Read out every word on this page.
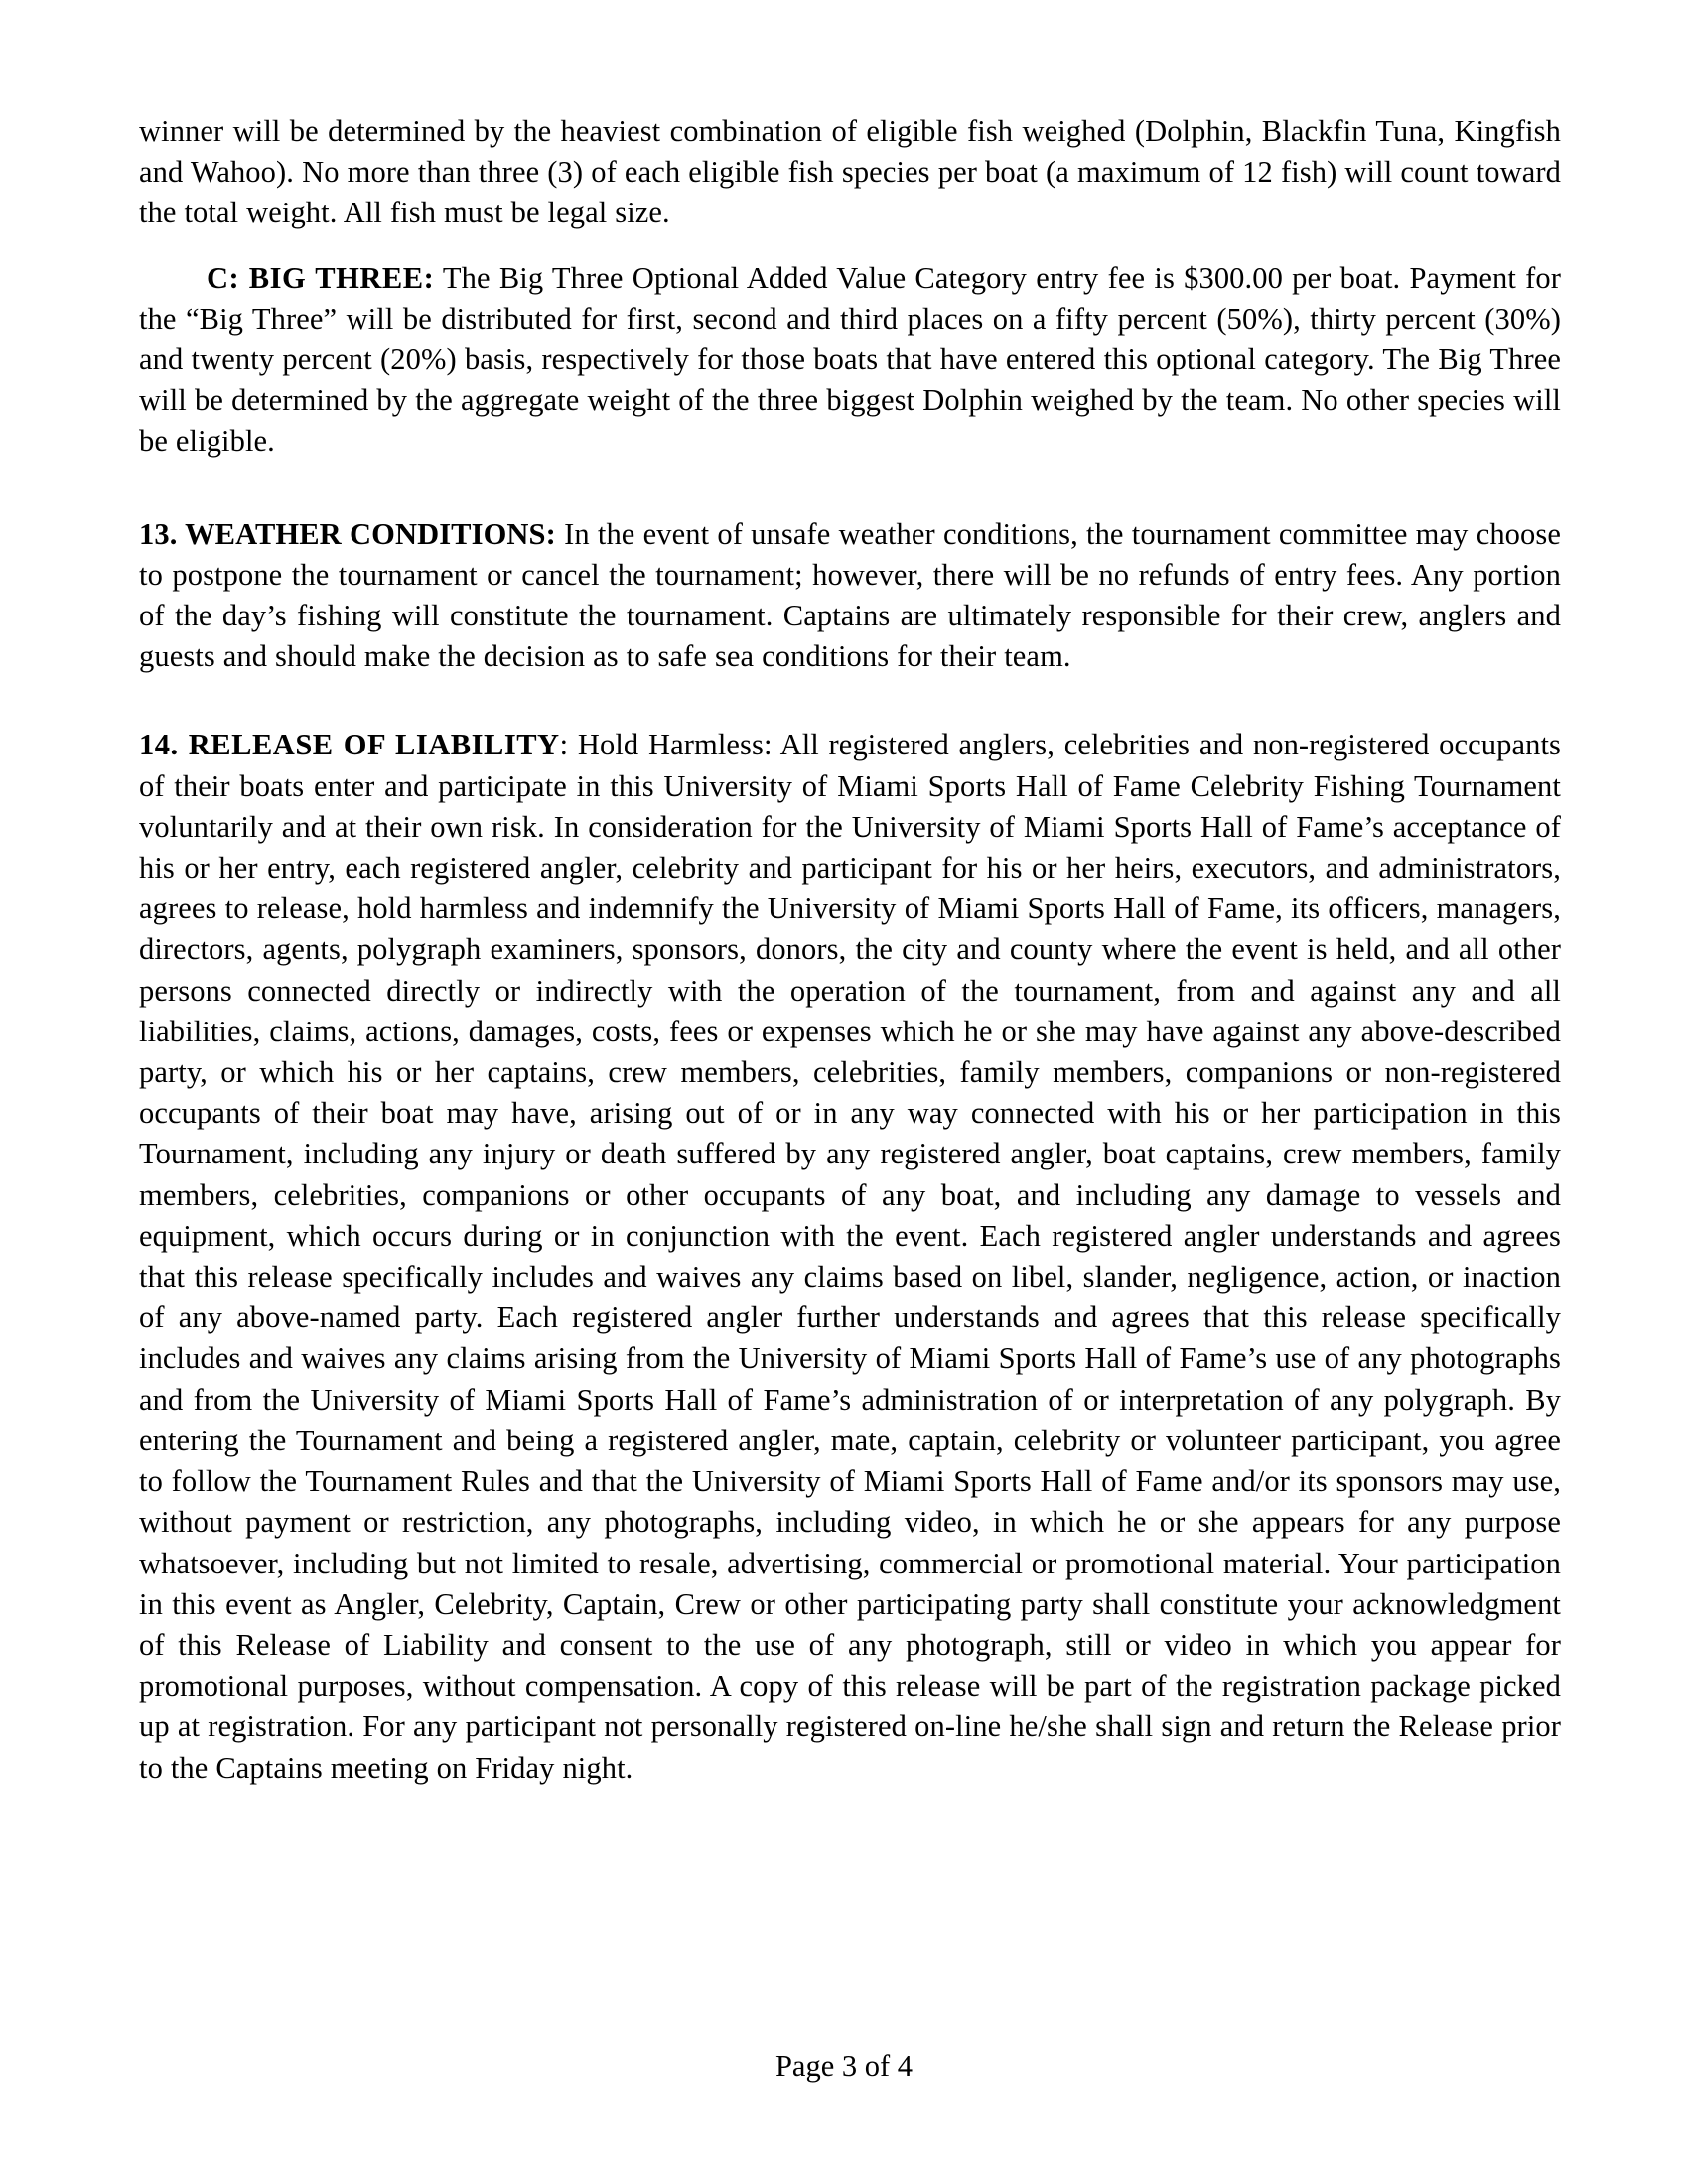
winner will be determined by the heaviest combination of eligible fish weighed (Dolphin, Blackfin Tuna, Kingfish and Wahoo). No more than three (3) of each eligible fish species per boat (a maximum of 12 fish) will count toward the total weight. All fish must be legal size.

C: BIG THREE: The Big Three Optional Added Value Category entry fee is $300.00 per boat. Payment for the “Big Three” will be distributed for first, second and third places on a fifty percent (50%), thirty percent (30%) and twenty percent (20%) basis, respectively for those boats that have entered this optional category. The Big Three will be determined by the aggregate weight of the three biggest Dolphin weighed by the team. No other species will be eligible.

13. WEATHER CONDITIONS: In the event of unsafe weather conditions, the tournament committee may choose to postpone the tournament or cancel the tournament; however, there will be no refunds of entry fees. Any portion of the day’s fishing will constitute the tournament. Captains are ultimately responsible for their crew, anglers and guests and should make the decision as to safe sea conditions for their team.

14. RELEASE OF LIABILITY: Hold Harmless: All registered anglers, celebrities and non-registered occupants of their boats enter and participate in this University of Miami Sports Hall of Fame Celebrity Fishing Tournament voluntarily and at their own risk. In consideration for the University of Miami Sports Hall of Fame’s acceptance of his or her entry, each registered angler, celebrity and participant for his or her heirs, executors, and administrators, agrees to release, hold harmless and indemnify the University of Miami Sports Hall of Fame, its officers, managers, directors, agents, polygraph examiners, sponsors, donors, the city and county where the event is held, and all other persons connected directly or indirectly with the operation of the tournament, from and against any and all liabilities, claims, actions, damages, costs, fees or expenses which he or she may have against any above-described party, or which his or her captains, crew members, celebrities, family members, companions or non-registered occupants of their boat may have, arising out of or in any way connected with his or her participation in this Tournament, including any injury or death suffered by any registered angler, boat captains, crew members, family members, celebrities, companions or other occupants of any boat, and including any damage to vessels and equipment, which occurs during or in conjunction with the event. Each registered angler understands and agrees that this release specifically includes and waives any claims based on libel, slander, negligence, action, or inaction of any above-named party. Each registered angler further understands and agrees that this release specifically includes and waives any claims arising from the University of Miami Sports Hall of Fame’s use of any photographs and from the University of Miami Sports Hall of Fame’s administration of or interpretation of any polygraph. By entering the Tournament and being a registered angler, mate, captain, celebrity or volunteer participant, you agree to follow the Tournament Rules and that the University of Miami Sports Hall of Fame and/or its sponsors may use, without payment or restriction, any photographs, including video, in which he or she appears for any purpose whatsoever, including but not limited to resale, advertising, commercial or promotional material. Your participation in this event as Angler, Celebrity, Captain, Crew or other participating party shall constitute your acknowledgment of this Release of Liability and consent to the use of any photograph, still or video in which you appear for promotional purposes, without compensation. A copy of this release will be part of the registration package picked up at registration. For any participant not personally registered on-line he/she shall sign and return the Release prior to the Captains meeting on Friday night.

Page 3 of 4
